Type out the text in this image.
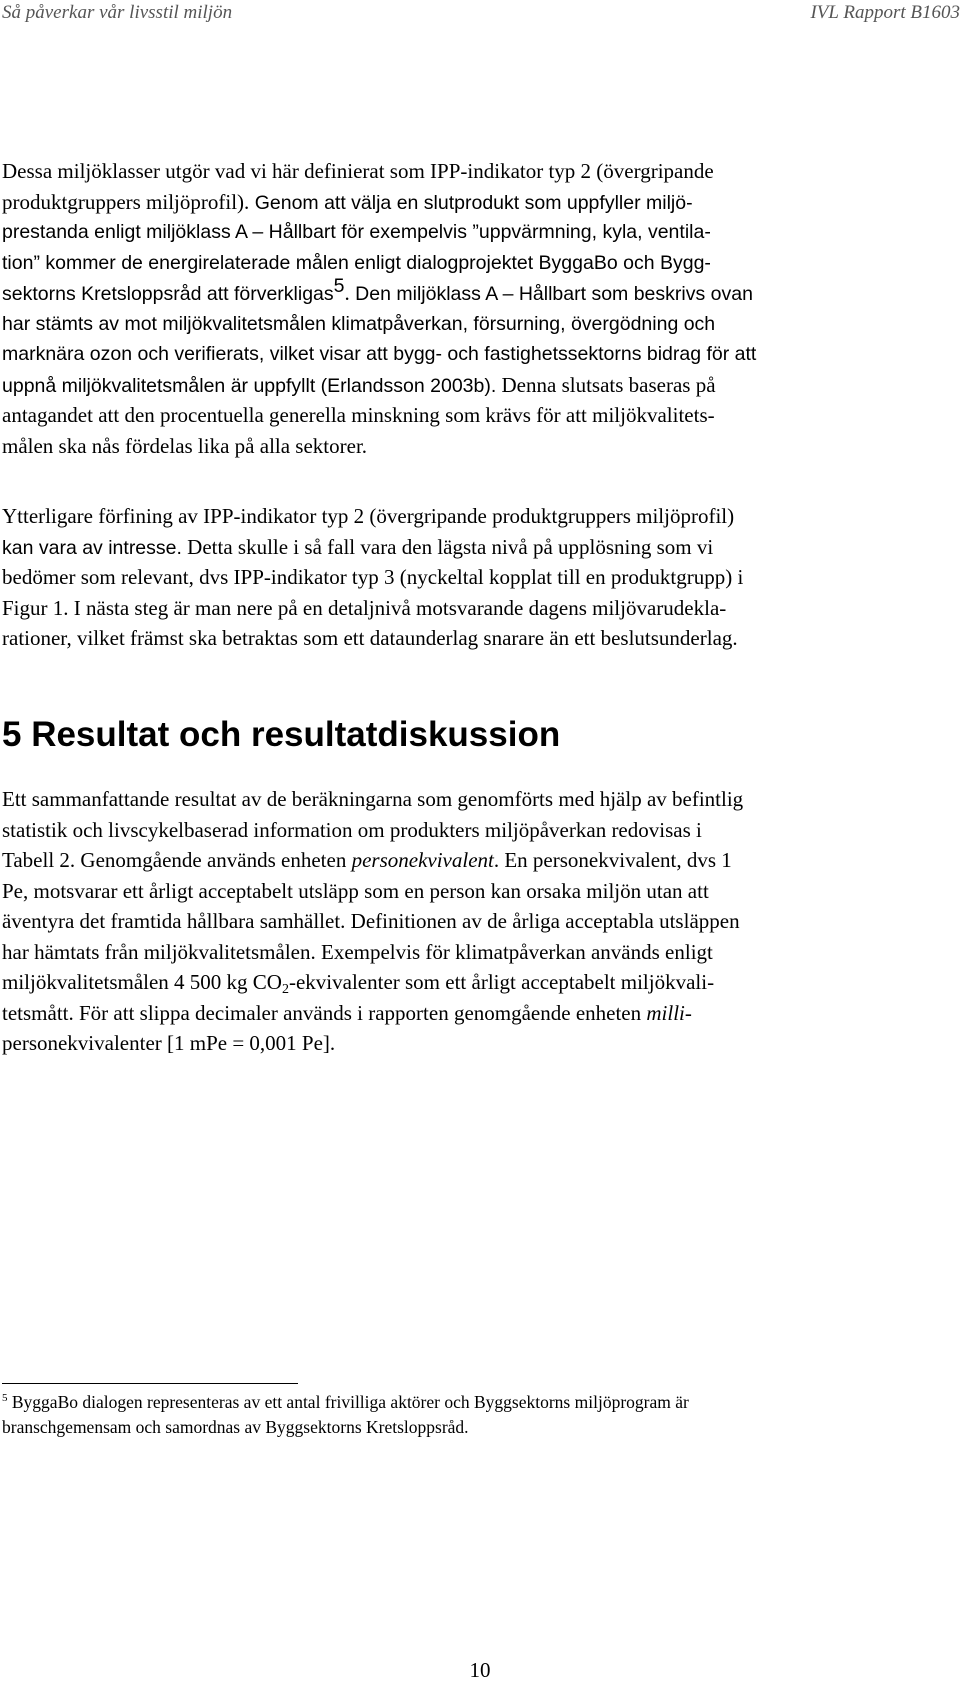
Så påverkar vår livsstil miljön	IVL Rapport B1603
Dessa miljöklasser utgör vad vi här definierat som IPP-indikator typ 2 (övergripande
produktgruppers miljöprofil). Genom att välja en slutprodukt som uppfyller miljö-
prestanda enligt miljöklass A – Hållbart för exempelvis ”uppvärmning, kyla, ventila-
tion” kommer de energirelaterade målen enligt dialogprojektet ByggaBo och Bygg-
sektorns Kretsloppsråd att förverkligas$^5$. Den miljöklass A – Hållbart som beskrivs ovan
har stämts av mot miljökvalitetsmålen klimatpåverkan, försurning, övergödning och
marknära ozon och verifierats, vilket visar att bygg- och fastighetssektorns bidrag för att
uppnå miljökvalitetsmålen är uppfyllt (Erlandsson 2003b). Denna slutsats baseras på
antagandet att den procentuella generella minskning som krävs för att miljökvalitets-
målen ska nås fördelas lika på alla sektorer.
Ytterligare förfining av IPP-indikator typ 2 (övergripande produktgruppers miljöprofil)
kan vara av intresse. Detta skulle i så fall vara den lägsta nivå på upplösning som vi
bedömer som relevant, dvs IPP-indikator typ 3 (nyckeltal kopplat till en produktgrupp) i
Figur 1. I nästa steg är man nere på en detaljnivå motsvarande dagens miljövarudekla-
rationer, vilket främst ska betraktas som ett dataunderlag snarare än ett beslutsunderlag.
5 Resultat och resultatdiskussion
Ett sammanfattande resultat av de beräkningarna som genomförts med hjälp av befintlig
statistik och livscykelbaserad information om produkters miljöpåverkan redovisas i
Tabell 2. Genomgående används enheten personekvivalent. En personekvivalent, dvs 1
Pe, motsvarar ett årligt acceptabelt utsläpp som en person kan orsaka miljön utan att
äventyra det framtida hållbara samhället. Definitionen av de årliga acceptabla utsläppen
har hämtats från miljökvalitetsmålen. Exempelvis för klimatpåverkan används enligt
miljökvalitetsmålen 4 500 kg $CO_2$-ekvivalenter som ett årligt acceptabelt miljökvali-
tetsmått. För att slippa decimaler används i rapporten genomgående enheten milli-
personekvivalenter [1 mPe = 0,001 Pe].
$^5$ ByggaBo dialogen representeras av ett antal frivilliga aktörer och Byggsektorns miljöprogram är
branschgemensam och samordnas av Byggsektorns Kretsloppsråd.
10
